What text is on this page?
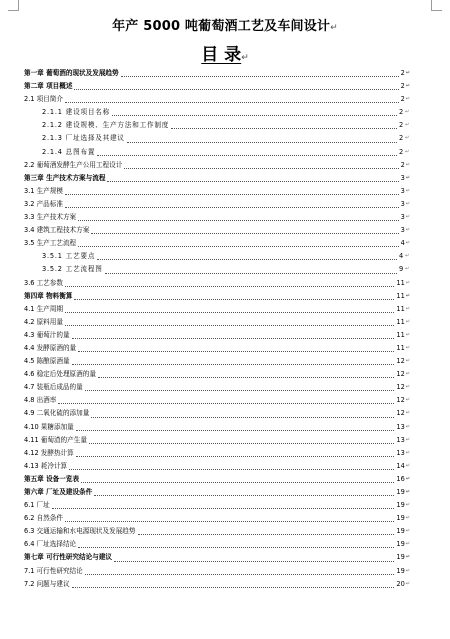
年产 5000 吨葡萄酒工艺及车间设计↵
目 录↵
第一章 葡萄酒的现状及发展趋势	2 ↵
第二章 项目概述	2 ↵
2.1 项目简介	2 ↵
2.1.1 建设项目名称	2 ↵
2.1.2 建设规模、生产方法和工作制度	2 ↵
2.1.3 厂址选择及其建议	2 ↵
2.1.4 总图布置	2 ↵
2.2 葡萄酒发酵生产公用工程设计	2 ↵
第三章 生产技术方案与流程	3 ↵
3.1 生产规模	3 ↵
3.2 产品标准	3 ↵
3.3 生产技术方案	3 ↵
3.4 建筑工程技术方案	3 ↵
3.5 生产工艺流程	4 ↵
3.5.1 工艺要点	4 ↵
3.5.2 工艺流程图	9 ↵
3.6 工艺参数	11 ↵
第四章 物料衡算	11 ↵
4.1 生产周期	11 ↵
4.2 原料用量	11 ↵
4.3 葡萄汁的量	11 ↵
4.4 发酵原酒的量	11 ↵
4.5 陈酿原酒量	12 ↵
4.6 稳定后处理原酒的量	12 ↵
4.7 装瓶后成品的量	12 ↵
4.8 出酒率	12 ↵
4.9 二氧化硫的添加量	12 ↵
4.10 果糖添加量	13 ↵
4.11 葡萄渣的产生量	13 ↵
4.12 发酵热计算	13 ↵
4.13 耗冷计算	14 ↵
第五章 设备一览表	16 ↵
第六章 厂址及建设条件	19 ↵
6.1 厂址	19 ↵
6.2 自然条件	19 ↵
6.3 交通运输和水电源现状及发展趋势	19 ↵
6.4 厂址选择结论	19 ↵
第七章 可行性研究结论与建议	19 ↵
7.1 可行性研究结论	19 ↵
7.2 问题与建议	20 ↵
